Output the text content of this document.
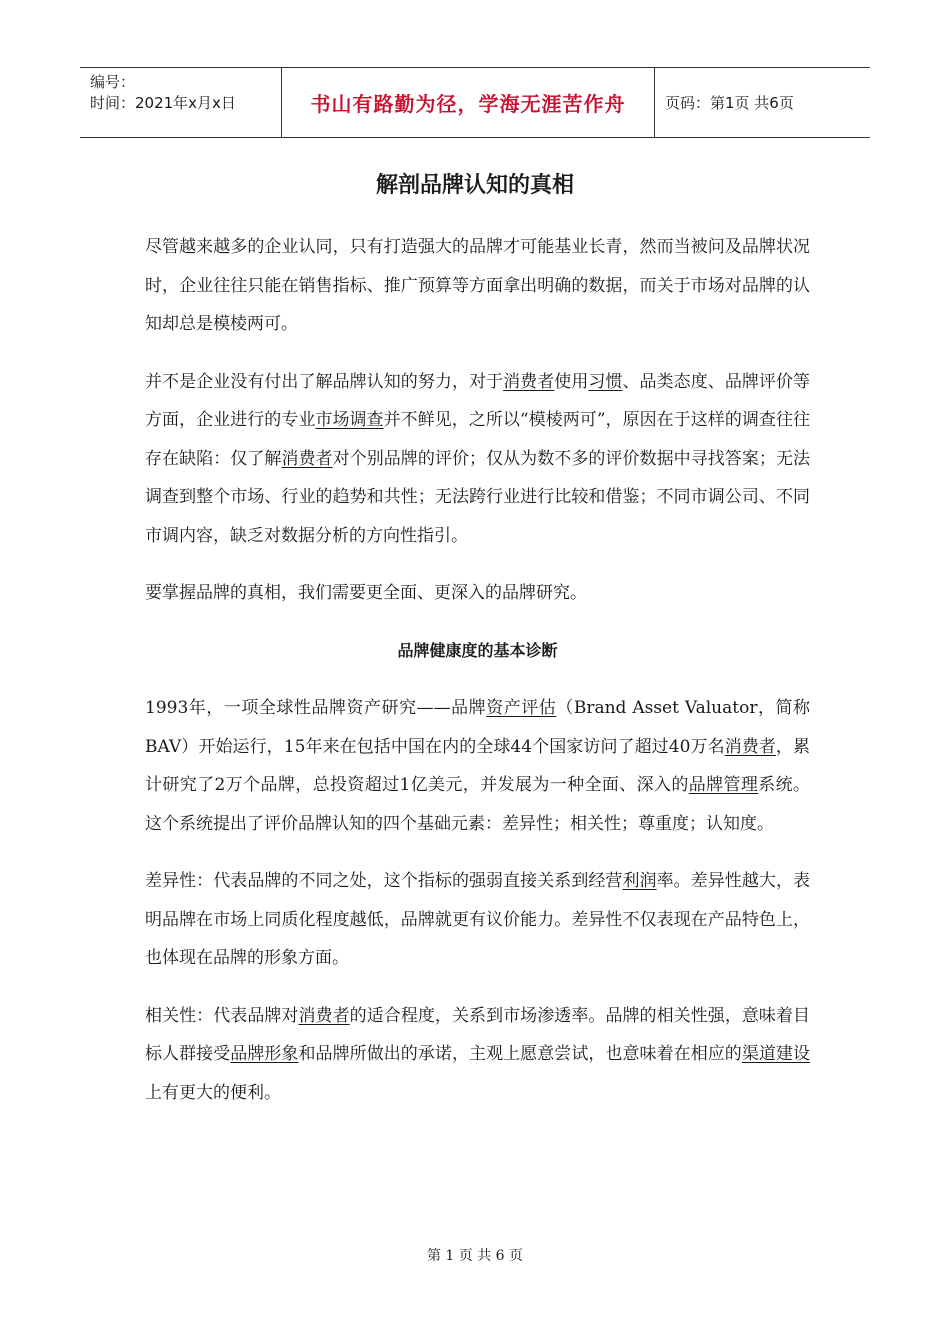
编号：
时间：2021年x月x日	书山有路勤为径，学海无涯苦作舟	页码：第1页 共6页
解剖品牌认知的真相

尽管越来越多的企业认同，只有打造强大的品牌才可能基业长青，然而当被问及品牌状况时，企业往往只能在销售指标、推广预算等方面拿出明确的数据，而关于市场对品牌的认知却总是模棱两可。

并不是企业没有付出了解品牌认知的努力，对于消费者使用习惯、品类态度、品牌评价等方面，企业进行的专业市场调查并不鲜见，之所以“模棱两可”，原因在于这样的调查往往存在缺陷：仅了解消费者对个别品牌的评价；仅从为数不多的评价数据中寻找答案；无法调查到整个市场、行业的趋势和共性；无法跨行业进行比较和借鉴；不同市调公司、不同市调内容，缺乏对数据分析的方向性指引。

要掌握品牌的真相，我们需要更全面、更深入的品牌研究。

品牌健康度的基本诊断

1993年，一项全球性品牌资产研究——品牌资产评估（Brand Asset Valuator，简称BAV）开始运行，15年来在包括中国在内的全球44个国家访问了超过40万名消费者，累计研究了2万个品牌，总投资超过1亿美元，并发展为一种全面、深入的品牌管理系统。这个系统提出了评价品牌认知的四个基础元素：差异性；相关性；尊重度；认知度。

差异性：代表品牌的不同之处，这个指标的强弱直接关系到经营利润率。差异性越大，表明品牌在市场上同质化程度越低，品牌就更有议价能力。差异性不仅表现在产品特色上，也体现在品牌的形象方面。

相关性：代表品牌对消费者的适合程度，关系到市场渗透率。品牌的相关性强，意味着目标人群接受品牌形象和品牌所做出的承诺，主观上愿意尝试，也意味着在相应的渠道建设上有更大的便利。

第 1 页 共 6 页
